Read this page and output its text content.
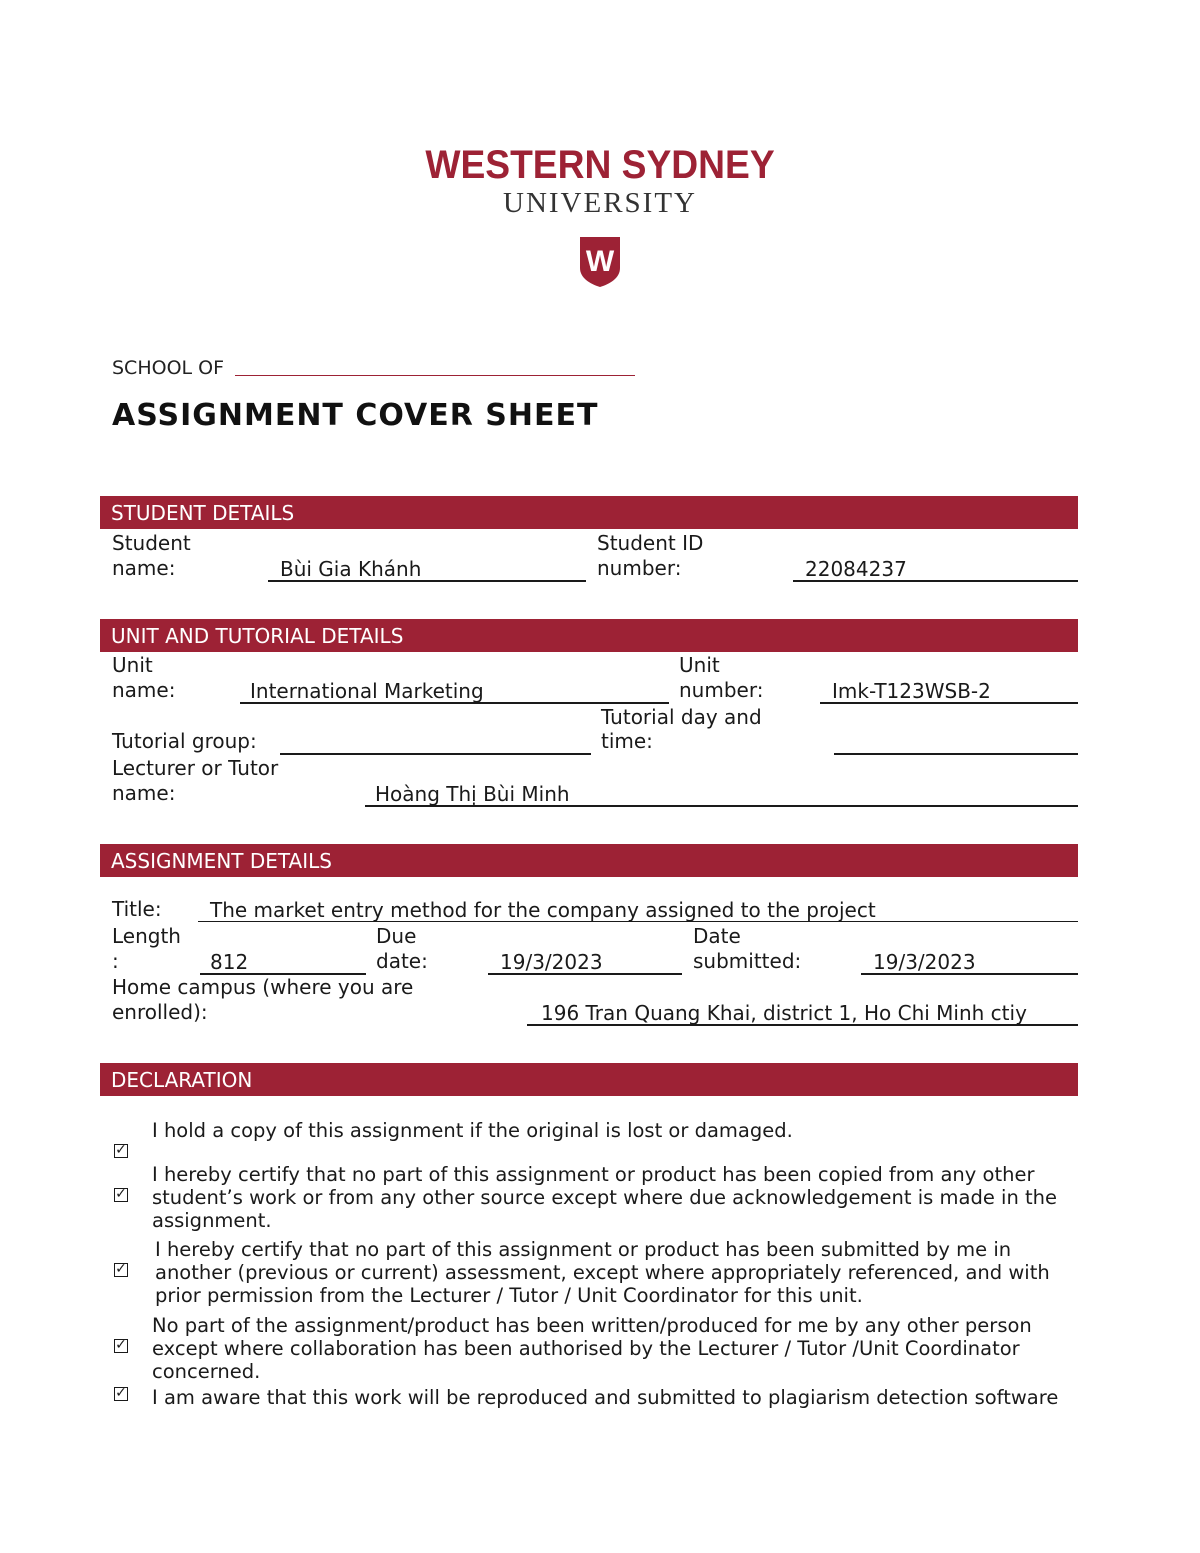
WESTERN SYDNEY
UNIVERSITY
W
SCHOOL OF
ASSIGNMENT COVER SHEET
STUDENT DETAILS
Student
name:	Bùi Gia Khánh
Student ID
number:	22084237
UNIT AND TUTORIAL DETAILS
Unit
name:	International Marketing
Unit
number:	Imk-T123WSB-2
Tutorial group:
Tutorial day and
time:
Lecturer or Tutor
name:	Hoàng Thị Bùi Minh
ASSIGNMENT DETAILS
Title: The market entry method for the company assigned to the project
Length
:	812
Due
date:	19/3/2023
Date
submitted:	19/3/2023
Home campus (where you are
enrolled):	196 Tran Quang Khai, district 1, Ho Chi Minh ctiy
DECLARATION
✓
I hold a copy of this assignment if the original is lost or damaged.
✓
I hereby certify that no part of this assignment or product has been copied from any other student’s work or from any other source except where due acknowledgement is made in the assignment.
✓
I hereby certify that no part of this assignment or product has been submitted by me in another (previous or current) assessment, except where appropriately referenced, and with prior permission from the Lecturer / Tutor / Unit Coordinator for this unit.
✓
No part of the assignment/product has been written/produced for me by any other person except where collaboration has been authorised by the Lecturer / Tutor /Unit Coordinator concerned.
✓ I am aware that this work will be reproduced and submitted to plagiarism detection software
